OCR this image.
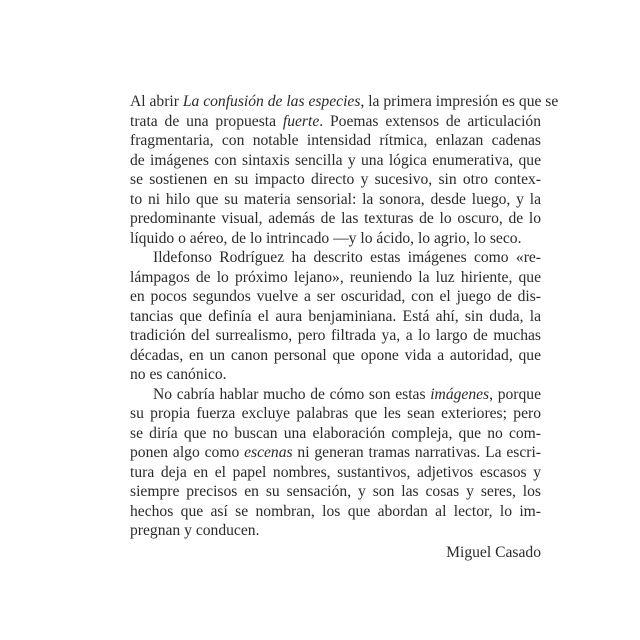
Al abrir La confusión de las especies, la primera impresión es que se
trata de una propuesta fuerte. Poemas extensos de articulación
fragmentaria, con notable intensidad rítmica, enlazan cadenas
de imágenes con sintaxis sencilla y una lógica enumerativa, que
se sostienen en su impacto directo y sucesivo, sin otro contex-
to ni hilo que su materia sensorial: la sonora, desde luego, y la
predominante visual, además de las texturas de lo oscuro, de lo
líquido o aéreo, de lo intrincado —y lo ácido, lo agrio, lo seco.

Ildefonso Rodríguez ha descrito estas imágenes como «re-
lámpagos de lo próximo lejano», reuniendo la luz hiriente, que
en pocos segundos vuelve a ser oscuridad, con el juego de dis-
tancias que definía el aura benjaminiana. Está ahí, sin duda, la
tradición del surrealismo, pero filtrada ya, a lo largo de muchas
décadas, en un canon personal que opone vida a autoridad, que
no es canónico.

No cabría hablar mucho de cómo son estas imágenes, porque
su propia fuerza excluye palabras que les sean exteriores; pero
se diría que no buscan una elaboración compleja, que no com-
ponen algo como escenas ni generan tramas narrativas. La escri-
tura deja en el papel nombres, sustantivos, adjetivos escasos y
siempre precisos en su sensación, y son las cosas y seres, los
hechos que así se nombran, los que abordan al lector, lo im-
pregnan y conducen.

Miguel Casado
